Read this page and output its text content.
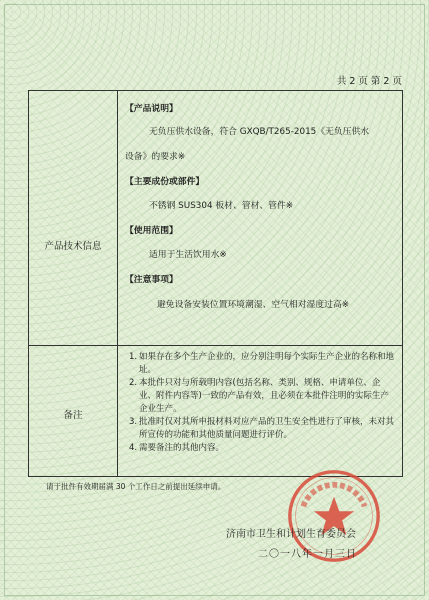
共 2 页 第 2 页
产品技术信息
备注
【产品说明】
无负压供水设备，符合 GXQB/T265-2015《无负压供水
设备》的要求※
【主要成份或部件】
不锈钢 SUS304 板材、管材、管件※
【使用范围】
适用于生活饮用水※
【注意事项】
避免设备安装位置环境潮湿、空气相对湿度过高※
1. 如果存在多个生产企业的，应分别注明每个实际生产企业的名称和地址。
2. 本批件只对与所载明内容(包括名称、类别、规格、申请单位、企业、附件内容等)一致的产品有效，且必须在本批件注明的实际生产企业生产。
3. 批准时仅对其所申报材料对应产品的卫生安全性进行了审核，未对其所宣传的功能和其他质量问题进行评价。
4. 需要备注的其他内容。
请于批件有效期届满 30 个工作日之前提出延续申请。
济南市卫生和计划生育委员会
二〇一八年一月三日
